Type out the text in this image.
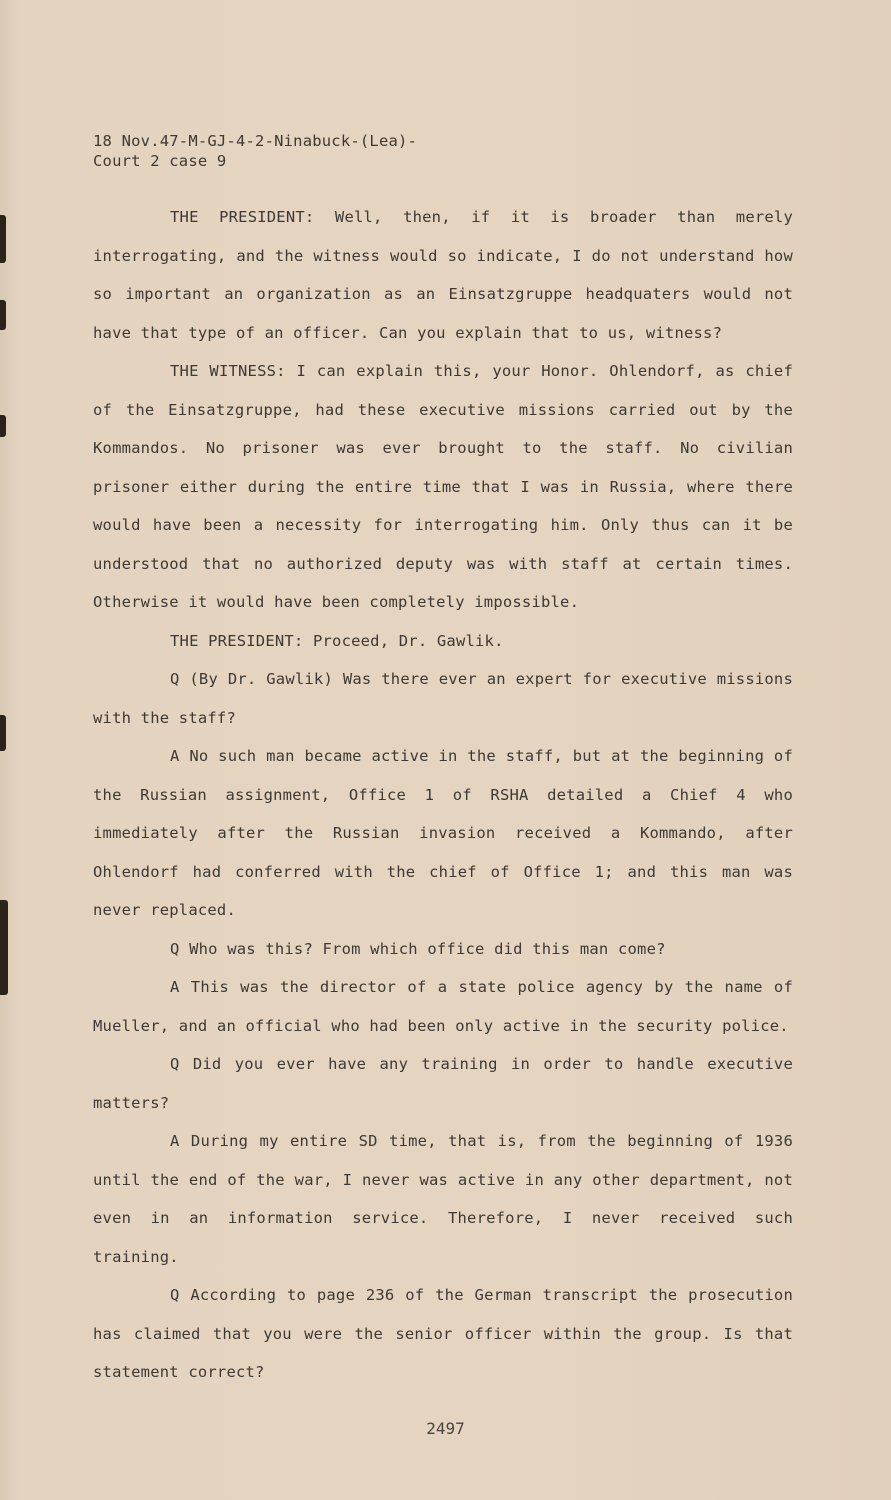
18 Nov.47-M-GJ-4-2-Ninabuck-(Lea)-
Court 2 case 9

THE PRESIDENT: Well, then, if it is broader than merely interrogating, and the witness would so indicate, I do not understand how so important an organization as an Einsatzgruppe headquaters would not have that type of an officer. Can you explain that to us, witness?

THE WITNESS: I can explain this, your Honor. Ohlendorf, as chief of the Einsatzgruppe, had these executive missions carried out by the Kommandos. No prisoner was ever brought to the staff. No civilian prisoner either during the entire time that I was in Russia, where there would have been a necessity for interrogating him. Only thus can it be understood that no authorized deputy was with staff at certain times. Otherwise it would have been completely impossible.

THE PRESIDENT: Proceed, Dr. Gawlik.

Q (By Dr. Gawlik) Was there ever an expert for executive missions with the staff?

A No such man became active in the staff, but at the beginning of the Russian assignment, Office 1 of RSHA detailed a Chief 4 who immediately after the Russian invasion received a Kommando, after Ohlendorf had conferred with the chief of Office 1; and this man was never replaced.

Q Who was this? From which office did this man come?

A This was the director of a state police agency by the name of Mueller, and an official who had been only active in the security police.

Q Did you ever have any training in order to handle executive matters?

A During my entire SD time, that is, from the beginning of 1936 until the end of the war, I never was active in any other department, not even in an information service. Therefore, I never received such training.

Q According to page 236 of the German transcript the prosecution has claimed that you were the senior officer within the group. Is that statement correct?

2497
